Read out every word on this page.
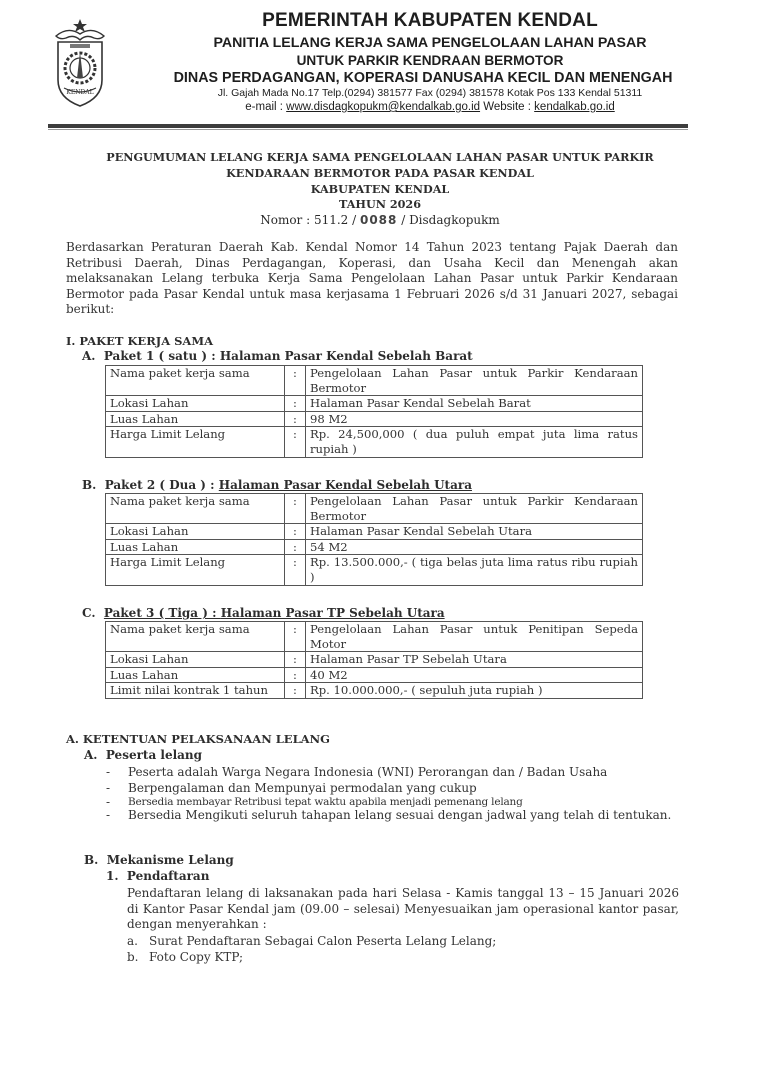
KENDAL
PEMERINTAH KABUPATEN KENDAL
PANITIA LELANG KERJA SAMA PENGELOLAAN LAHAN PASAR
UNTUK PARKIR KENDRAAN BERMOTOR
DINAS PERDAGANGAN, KOPERASI DANUSAHA KECIL DAN MENENGAH
Jl. Gajah Mada No.17 Telp.(0294) 381577 Fax (0294) 381578 Kotak Pos 133 Kendal 51311
e-mail : www.disdagkopukm@kendalkab.go.id Website : kendalkab.go.id
PENGUMUMAN LELANG KERJA SAMA PENGELOLAAN LAHAN PASAR UNTUK PARKIR
KENDARAAN BERMOTOR PADA PASAR KENDAL
KABUPATEN KENDAL
TAHUN 2026
Nomor : 511.2 / 0088 / Disdagkopukm
Berdasarkan Peraturan Daerah Kab. Kendal Nomor 14 Tahun 2023 tentang Pajak Daerah dan Retribusi Daerah, Dinas Perdagangan, Koperasi, dan Usaha Kecil dan Menengah akan melaksanakan Lelang terbuka Kerja Sama Pengelolaan Lahan Pasar untuk Parkir Kendaraan Bermotor pada Pasar Kendal untuk masa kerjasama 1 Februari 2026 s/d 31 Januari 2027, sebagai berikut:
I. PAKET KERJA SAMA
A. Paket 1 ( satu ) : Halaman Pasar Kendal Sebelah Barat
Nama paket kerja sama	:	Pengelolaan Lahan Pasar untuk Parkir Kendaraan Bermotor
Lokasi Lahan	:	Halaman Pasar Kendal Sebelah Barat
Luas Lahan	:	98 M2
Harga Limit Lelang	:	Rp. 24,500,000 ( dua puluh empat juta lima ratus rupiah )
B. Paket 2 ( Dua ) : Halaman Pasar Kendal Sebelah Utara
Nama paket kerja sama	:	Pengelolaan Lahan Pasar untuk Parkir Kendaraan Bermotor
Lokasi Lahan	:	Halaman Pasar Kendal Sebelah Utara
Luas Lahan	:	54 M2
Harga Limit Lelang	:	Rp. 13.500.000,- ( tiga belas juta lima ratus ribu rupiah )
C. Paket 3 ( Tiga ) : Halaman Pasar TP Sebelah Utara
Nama paket kerja sama	:	Pengelolaan Lahan Pasar untuk Penitipan Sepeda Motor
Lokasi Lahan	:	Halaman Pasar TP Sebelah Utara
Luas Lahan	:	40 M2
Limit nilai kontrak 1 tahun	:	Rp. 10.000.000,- ( sepuluh juta rupiah )
A. KETENTUAN PELAKSANAAN LELANG
A. Peserta lelang
- Peserta adalah Warga Negara Indonesia (WNI) Perorangan dan / Badan Usaha
- Berpengalaman dan Mempunyai permodalan yang cukup
- Bersedia membayar Retribusi tepat waktu apabila menjadi pemenang lelang
- Bersedia Mengikuti seluruh tahapan lelang sesuai dengan jadwal yang telah di tentukan.
B. Mekanisme Lelang
1. Pendaftaran
Pendaftaran lelang di laksanakan pada hari Selasa - Kamis tanggal 13 – 15 Januari 2026 di Kantor Pasar Kendal jam (09.00 – selesai) Menyesuaikan jam operasional kantor pasar, dengan menyerahkan :
a. Surat Pendaftaran Sebagai Calon Peserta Lelang Lelang;
b. Foto Copy KTP;
